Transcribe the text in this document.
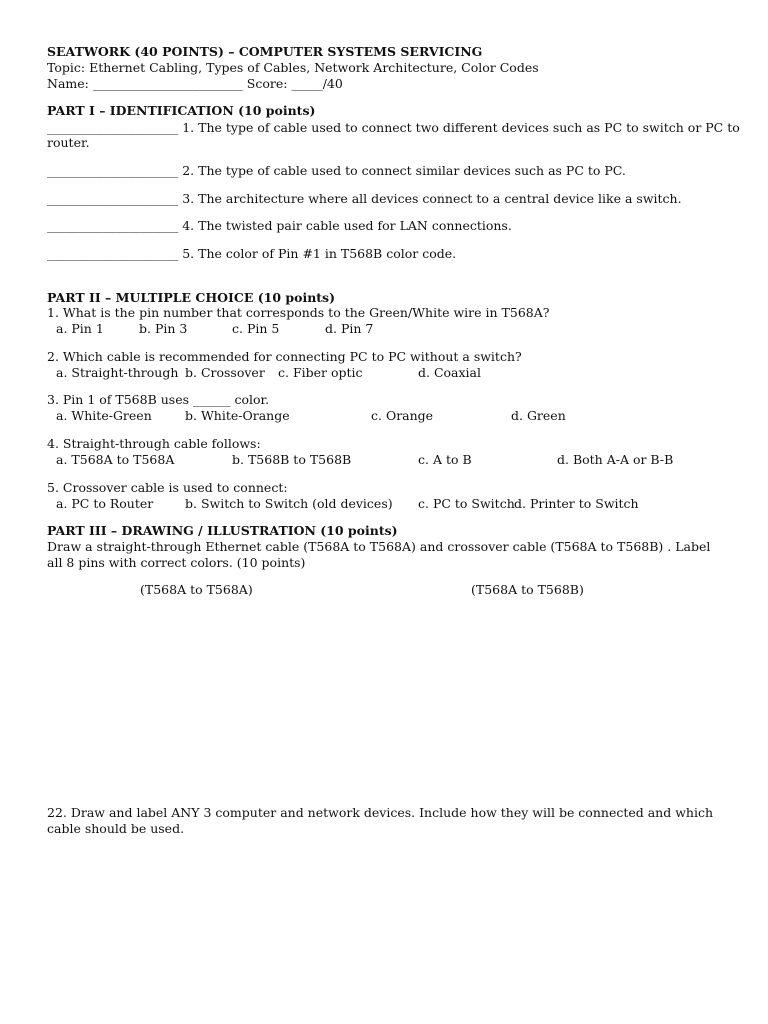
SEATWORK (40 POINTS) – COMPUTER SYSTEMS SERVICING
Topic: Ethernet Cabling, Types of Cables, Network Architecture, Color Codes
Name: ________________________ Score: _____/40
PART I – IDENTIFICATION (10 points)
_____________________ 1. The type of cable used to connect two different devices such as PC to switch or PC to
router.
_____________________ 2. The type of cable used to connect similar devices such as PC to PC.
_____________________ 3. The architecture where all devices connect to a central device like a switch.
_____________________ 4. The twisted pair cable used for LAN connections.
_____________________ 5. The color of Pin #1 in T568B color code.
PART II – MULTIPLE CHOICE (10 points)
1. What is the pin number that corresponds to the Green/White wire in T568A?
a. Pin 1	b. Pin 3	c. Pin 5	d. Pin 7
2. Which cable is recommended for connecting PC to PC without a switch?
a. Straight-through b. Crossover c. Fiber optic	d. Coaxial
3. Pin 1 of T568B uses ______ color.
a. White-Green	b. White-Orange	c. Orange	d. Green
4. Straight-through cable follows:
a. T568A to T568A	b. T568B to T568B	c. A to B	d. Both A-A or B-B
5. Crossover cable is used to connect:
a. PC to Router	b. Switch to Switch (old devices) c. PC to Switch d. Printer to Switch
PART III – DRAWING / ILLUSTRATION (10 points)
Draw a straight-through Ethernet cable (T568A to T568A) and crossover cable (T568A to T568B) . Label all 8 pins with correct colors. (10 points)
(T568A to T568A)	(T568A to T568B)
22. Draw and label ANY 3 computer and network devices. Include how they will be connected and which cable should be used.
